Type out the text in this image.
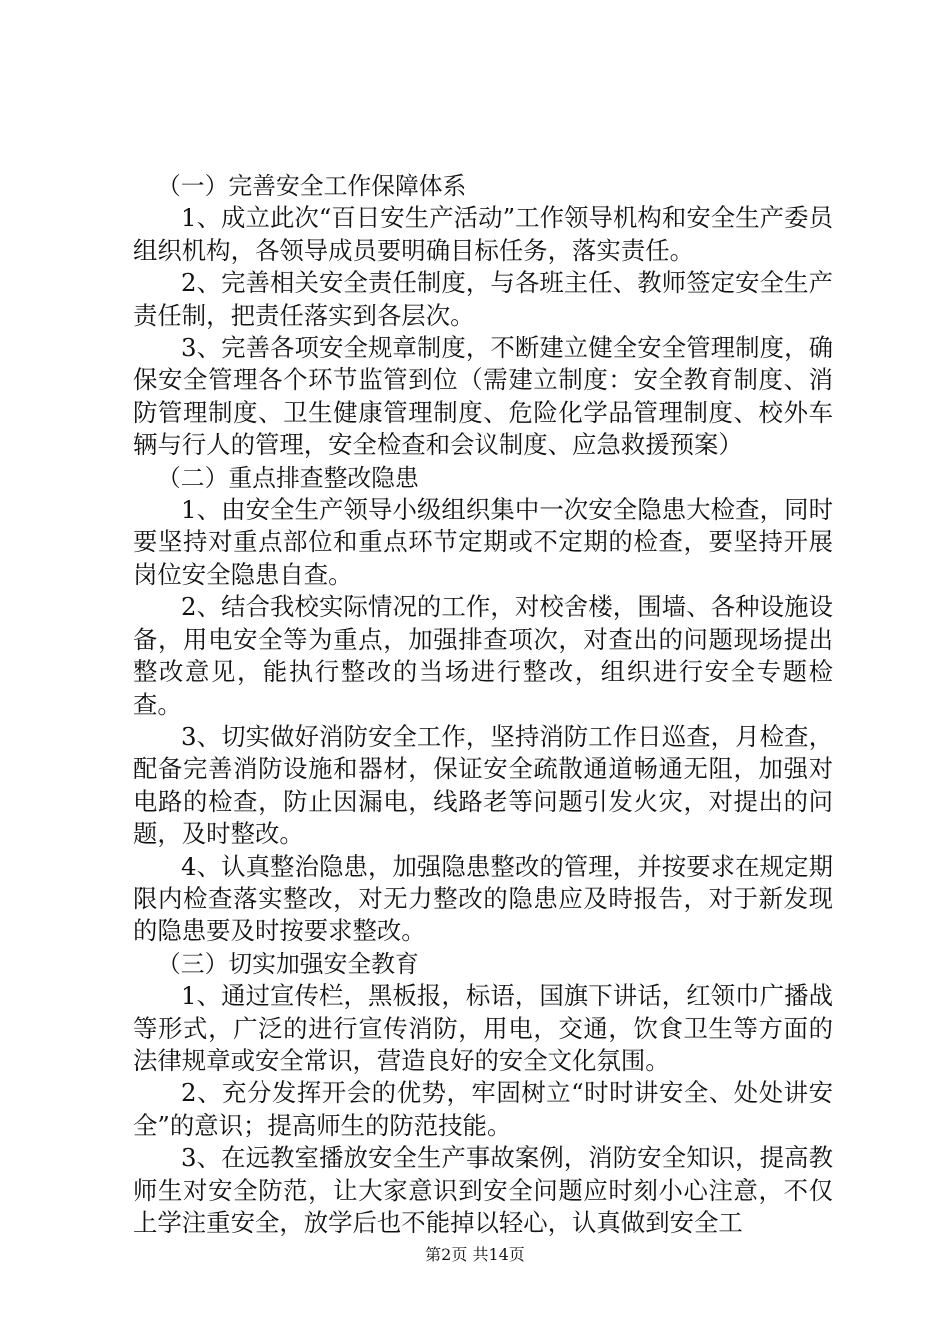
（一）完善安全工作保障体系

1、成立此次“百日安生产活动”工作领导机构和安全生产委员组织机构，各领导成员要明确目标任务，落实责任。

2、完善相关安全责任制度，与各班主任、教师签定安全生产责任制，把责任落实到各层次。

3、完善各项安全规章制度，不断建立健全安全管理制度，确保安全管理各个环节监管到位（需建立制度：安全教育制度、消防管理制度、卫生健康管理制度、危险化学品管理制度、校外车辆与行人的管理，安全检查和会议制度、应急救援预案）

（二）重点排查整改隐患

1、由安全生产领导小级组织集中一次安全隐患大检查，同时要坚持对重点部位和重点环节定期或不定期的检查，要坚持开展岗位安全隐患自查。

2、结合我校实际情况的工作，对校舍楼，围墙、各种设施设备，用电安全等为重点，加强排查项次，对查出的问题现场提出整改意见，能执行整改的当场进行整改，组织进行安全专题检查。

3、切实做好消防安全工作，坚持消防工作日巡查，月检查，配备完善消防设施和器材，保证安全疏散通道畅通无阻，加强对电路的检查，防止因漏电，线路老等问题引发火灾，对提出的问题，及时整改。

4、认真整治隐患，加强隐患整改的管理，并按要求在规定期限内检查落实整改，对无力整改的隐患应及時报告，对于新发现的隐患要及时按要求整改。

（三）切实加强安全教育

1、通过宣传栏，黑板报，标语，国旗下讲话，红领巾广播战等形式，广泛的进行宣传消防，用电，交通，饮食卫生等方面的法律规章或安全常识，营造良好的安全文化氛围。

2、充分发挥开会的优势，牢固树立“时时讲安全、处处讲安全”的意识；提高师生的防范技能。

3、在远教室播放安全生产事故案例，消防安全知识，提高教师生对安全防范，让大家意识到安全问题应时刻小心注意，不仅上学注重安全，放学后也不能掉以轻心，认真做到安全工

第2页 共14页
